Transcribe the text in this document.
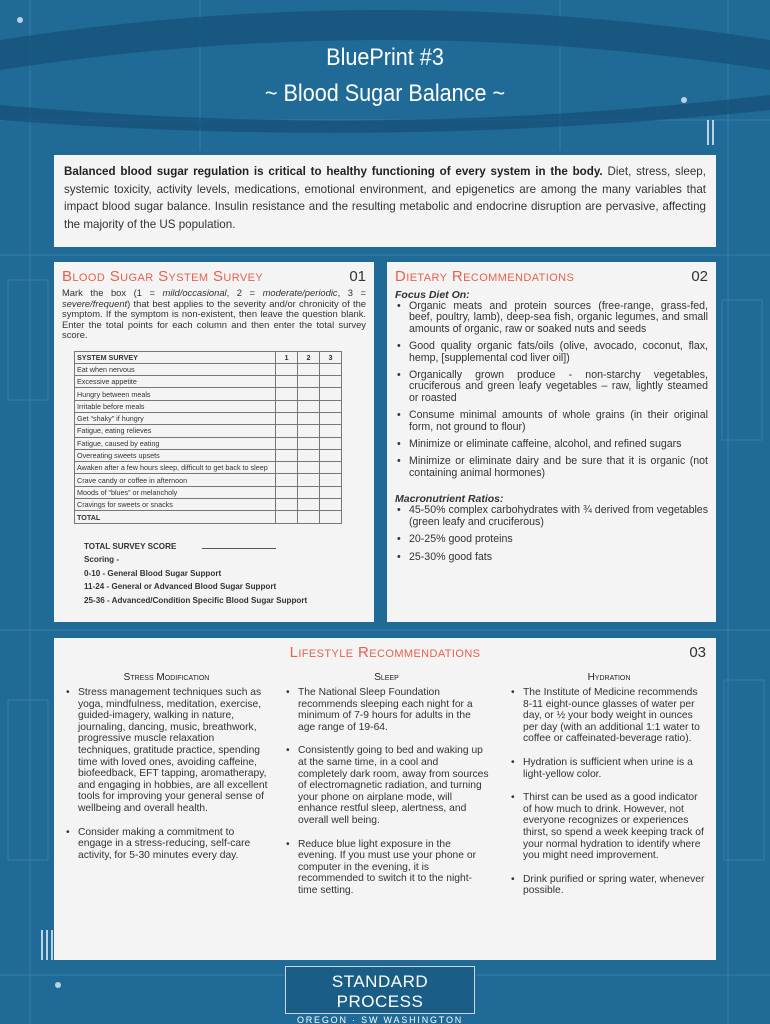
BluePrint #3
~ Blood Sugar Balance ~
Balanced blood sugar regulation is critical to healthy functioning of every system in the body. Diet, stress, sleep, systemic toxicity, activity levels, medications, emotional environment, and epigenetics are among the many variables that impact blood sugar balance. Insulin resistance and the resulting metabolic and endocrine disruption are pervasive, affecting the majority of the US population.
Blood Sugar System Survey	01
Mark the box (1 = mild/occasional, 2 = moderate/periodic, 3 = severe/frequent) that best applies to the severity and/or chronicity of the symptom. If the symptom is non-existent, then leave the question blank. Enter the total points for each column and then enter the total survey score.
SYSTEM SURVEY	1	2	3
Eat when nervous			
Excessive appetite			
Hungry between meals			
Irritable before meals			
Get “shaky” if hungry			
Fatigue, eating relieves			
Fatigue, caused by eating			
Overeating sweets upsets			
Awaken after a few hours sleep, difficult to get back to sleep			
Crave candy or coffee in afternoon			
Moods of “blues” or melancholy			
Cravings for sweets or snacks			
TOTAL			
TOTAL SURVEY SCORE
Scoring -
0-10 - General Blood Sugar Support
11-24 - General or Advanced Blood Sugar Support
25-36 - Advanced/Condition Specific Blood Sugar Support
Dietary Recommendations	02
Focus Diet On:
• Organic meats and protein sources (free-range, grass-fed, beef, poultry, lamb), deep-sea fish, organic legumes, and small amounts of organic, raw or soaked nuts and seeds
• Good quality organic fats/oils (olive, avocado, coconut, flax, hemp, [supplemental cod liver oil])
• Organically grown produce - non-starchy vegetables, cruciferous and green leafy vegetables – raw, lightly steamed or roasted
• Consume minimal amounts of whole grains (in their original form, not ground to flour)
• Minimize or eliminate caffeine, alcohol, and refined sugars
• Minimize or eliminate dairy and be sure that it is organic (not containing animal hormones)
Macronutrient Ratios:
• 45-50% complex carbohydrates with ¾ derived from vegetables (green leafy and cruciferous)
• 20-25% good proteins
• 25-30% good fats
Lifestyle Recommendations	03
Stress Modification
• Stress management techniques such as yoga, mindfulness, meditation, exercise, guided-imagery, walking in nature, journaling, dancing, music, breathwork, progressive muscle relaxation techniques, gratitude practice, spending time with loved ones, avoiding caffeine, biofeedback, EFT tapping, aromatherapy, and engaging in hobbies, are all excellent tools for improving your general sense of wellbeing and overall health.
• Consider making a commitment to engage in a stress-reducing, self-care activity, for 5-30 minutes every day.
Sleep
• The National Sleep Foundation recommends sleeping each night for a minimum of 7-9 hours for adults in the age range of 19-64.
• Consistently going to bed and waking up at the same time, in a cool and completely dark room, away from sources of electromagnetic radiation, and turning your phone on airplane mode, will enhance restful sleep, alertness, and overall well being.
• Reduce blue light exposure in the evening. If you must use your phone or computer in the evening, it is recommended to switch it to the night-time setting.
Hydration
• The Institute of Medicine recommends 8-11 eight-ounce glasses of water per day, or ½ your body weight in ounces per day (with an additional 1:1 water to coffee or caffeinated-beverage ratio).
• Hydration is sufficient when urine is a light-yellow color.
• Thirst can be used as a good indicator of how much to drink. However, not everyone recognizes or experiences thirst, so spend a week keeping track of your normal hydration to identify where you might need improvement.
• Drink purified or spring water, whenever possible.
STANDARD PROCESS
OREGON · SW WASHINGTON
